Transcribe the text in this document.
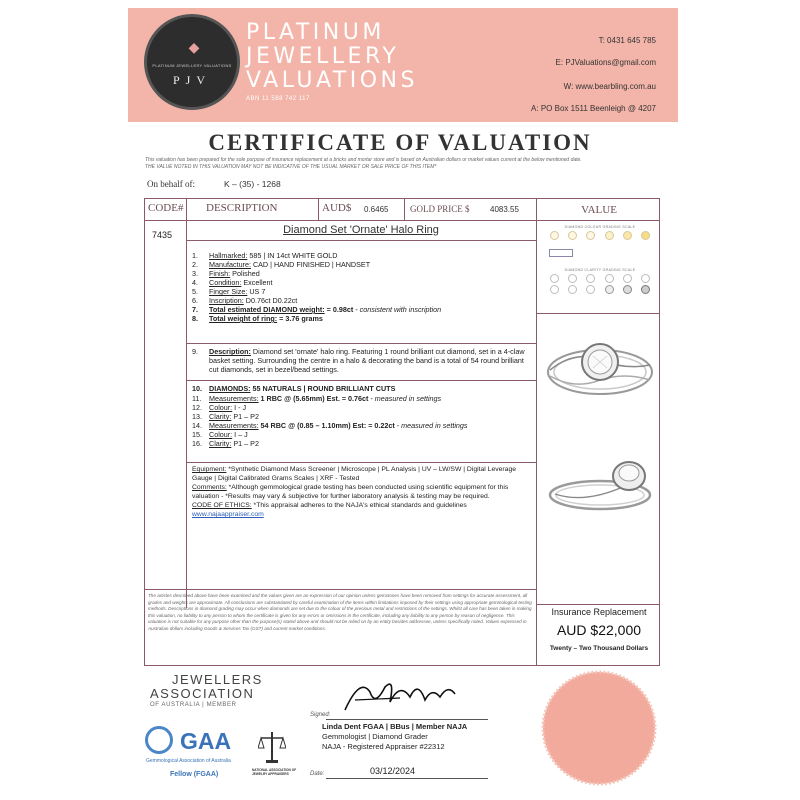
◆
PLATINUM JEWELLERY VALUATIONS
PJV
PLATINUM
JEWELLERY
VALUATIONS
ABN 11 588 742 117
T: 0431 645 785
E: PJValuations@gmail.com
W: www.bearbling.com.au
A: PO Box 1511 Beenleigh @ 4207
CERTIFICATE OF VALUATION
This valuation has been prepared for the sole purpose of insurance replacement at a bricks and mortar store and is based on Australian dollars or market values current at the below mentioned date.
THE VALUE NOTED IN THIS VALUATION MAY NOT BE INDICATIVE OF THE USUAL MARKET OR SALE PRICE OF THIS ITEM*
On behalf of:	K – (35) - 1268
CODE# DESCRIPTION	AUD$ 0.6465 GOLD PRICE $	4083.55	VALUE
7435	Diamond Set 'Ornate' Halo Ring
1. Hallmarked: 585 | IN 14ct WHITE GOLD
2. Manufacture: CAD | HAND FINISHED | HANDSET
3. Finish: Polished
4. Condition: Excellent
5. Finger Size: US 7
6. Inscription: D0.76ct D0.22ct
7. Total estimated DIAMOND weight: = 0.98ct - consistent with inscription
8. Total weight of ring: = 3.76 grams
9. Description: Diamond set 'ornate' halo ring. Featuring 1 round brilliant cut diamond, set in a 4-claw basket setting. Surrounding the centre in a halo & decorating the band is a total of 54 round brilliant cut diamonds, set in bezel/bead settings.
10. DIAMONDS: 55 NATURALS | ROUND BRILLIANT CUTS
11. Measurements: 1 RBC @ (5.65mm) Est. = 0.76ct - measured in settings
12. Colour: I - J
13. Clarity: P1 – P2
14. Measurements: 54 RBC @ (0.85 – 1.10mm) Est: = 0.22ct - measured in settings
15. Colour: I – J
16. Clarity: P1 – P2
Equipment: *Synthetic Diamond Mass Screener | Microscope | PL Analysis | UV – LW/SW | Digital Leverage Gauge | Digital Calibrated Grams Scales | XRF - Tested
Comments: *Although gemmological grade testing has been conducted using scientific equipment for this valuation - *Results may vary & subjective for further laboratory analysis & testing may be required.
CODE OF ETHICS: *This appraisal adheres to the NAJA's ethical standards and guidelines www.najaappraiser.com
The articles described above have been examined and the values given are an expression of our opinion unless gemstones have been removed from settings for accurate assessment, all grades and weights are approximate. All conclusions are substantiated by careful examination of the items within limitations imposed by their settings using appropriate gemmological testing methods. Descriptions in diamond grading may occur when diamonds are set due to the colour of the precious metal and restrictions of the settings. Whilst all care has been taken in making this valuation, no liability to any person to whom the certificate is given for any errors or omissions in the certificate, including any liability to any person by reason of negligence. This valuation is not suitable for any purpose other than the purpose(s) stated above and should not be relied on by an entity besides addressee, unless specifically noted. Values expressed in Australian dollars including Goods & Services Tax (GST) and current market conditions.
DIAMOND COLOUR GRADING SCALE
DIAMOND CLARITY GRADING SCALE
Insurance Replacement
AUD $22,000
Twenty – Two Thousand Dollars
JEWELLERS
ASSOCIATION
OF AUSTRALIA | MEMBER
GAA
Gemmological Association of Australia
Fellow (FGAA)
NATIONAL ASSOCIATION OF JEWELRY APPRAISERS
Signed:
Linda Dent FGAA | BBus | Member NAJA
Gemmologist | Diamond Grader
NAJA - Registered Appraiser #22312
Date:	03/12/2024
